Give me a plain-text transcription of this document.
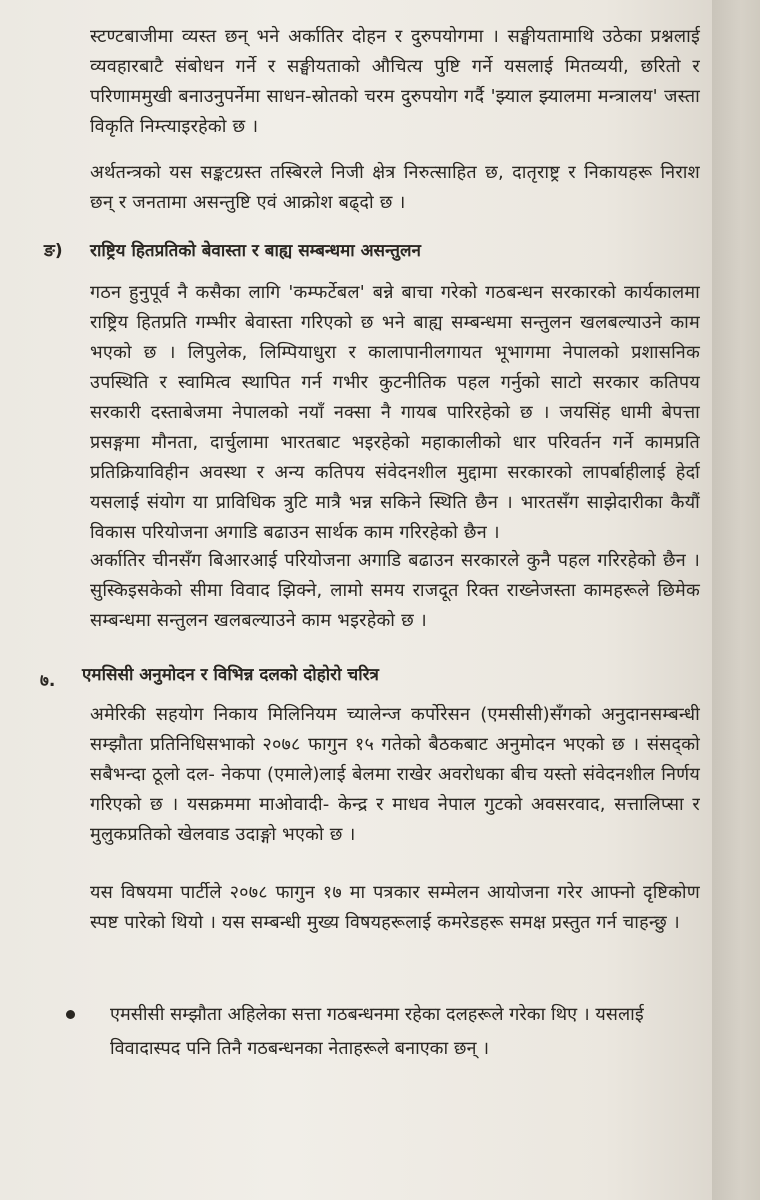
स्टण्टबाजीमा व्यस्त छन् भने अर्कातिर दोहन र दुरुपयोगमा । सङ्घीयतामाथि उठेका प्रश्नलाई व्यवहारबाटै संबोधन गर्ने र सङ्घीयताको औचित्य पुष्टि गर्ने यसलाई मितव्ययी, छरितो र परिणाममुखी बनाउनुपर्नेमा साधन-स्रोतको चरम दुरुपयोग गर्दै 'झ्याल झ्यालमा मन्त्रालय' जस्ता विकृति निम्त्याइरहेको छ ।

अर्थतन्त्रको यस सङ्कटग्रस्त तस्बिरले निजी क्षेत्र निरुत्साहित छ, दातृराष्ट्र र निकायहरू निराश छन् र जनतामा असन्तुष्टि एवं आक्रोश बढ्दो छ ।

ङ) राष्ट्रिय हितप्रतिको बेवास्ता र बाह्य सम्बन्धमा असन्तुलन

गठन हुनुपूर्व नै कसैका लागि 'कम्फर्टेबल' बन्ने बाचा गरेको गठबन्धन सरकारको कार्यकालमा राष्ट्रिय हितप्रति गम्भीर बेवास्ता गरिएको छ भने बाह्य सम्बन्धमा सन्तुलन खलबल्याउने काम भएको छ । लिपुलेक, लिम्पियाधुरा र कालापानीलगायत भूभागमा नेपालको प्रशासनिक उपस्थिति र स्वामित्व स्थापित गर्न गभीर कुटनीतिक पहल गर्नुको साटो सरकार कतिपय सरकारी दस्ताबेजमा नेपालको नयाँ नक्सा नै गायब पारिरहेको छ । जयसिंह धामी बेपत्ता प्रसङ्गमा मौनता, दार्चुलामा भारतबाट भइरहेको महाकालीको धार परिवर्तन गर्ने कामप्रति प्रतिक्रियाविहीन अवस्था र अन्य कतिपय संवेदनशील मुद्दामा सरकारको लापर्बाहीलाई हेर्दा यसलाई संयोग या प्राविधिक त्रुटि मात्रै भन्न सकिने स्थिति छैन । भारतसँग साझेदारीका कैयौं विकास परियोजना अगाडि बढाउन सार्थक काम गरिरहेको छैन ।

अर्कातिर चीनसँग बिआरआई परियोजना अगाडि बढाउन सरकारले कुनै पहल गरिरहेको छैन । सुस्किइसकेको सीमा विवाद झिक्ने, लामो समय राजदूत रिक्त राख्नेजस्ता कामहरूले छिमेक सम्बन्धमा सन्तुलन खलबल्याउने काम भइरहेको छ ।

७. एमसिसी अनुमोदन र विभिन्न दलको दोहोरो चरित्र

अमेरिकी सहयोग निकाय मिलिनियम च्यालेन्ज कर्पोरेसन (एमसीसी)सँगको अनुदानसम्बन्धी सम्झौता प्रतिनिधिसभाको २०७८ फागुन १५ गतेको बैठकबाट अनुमोदन भएको छ । संसद्को सबैभन्दा ठूलो दल- नेकपा (एमाले)लाई बेलमा राखेर अवरोधका बीच यस्तो संवेदनशील निर्णय गरिएको छ । यसक्रममा माओवादी- केन्द्र र माधव नेपाल गुटको अवसरवाद, सत्तालिप्सा र मुलुकप्रतिको खेलवाड उदाङ्गो भएको छ ।

यस विषयमा पार्टीले २०७८ फागुन १७ मा पत्रकार सम्मेलन आयोजना गरेर आफ्नो दृष्टिकोण स्पष्ट पारेको थियो । यस सम्बन्धी मुख्य विषयहरूलाई कमरेडहरू समक्ष प्रस्तुत गर्न चाहन्छु ।

एमसीसी सम्झौता अहिलेका सत्ता गठबन्धनमा रहेका दलहरूले गरेका थिए । यसलाई विवादास्पद पनि तिनै गठबन्धनका नेताहरूले बनाएका छन् ।
